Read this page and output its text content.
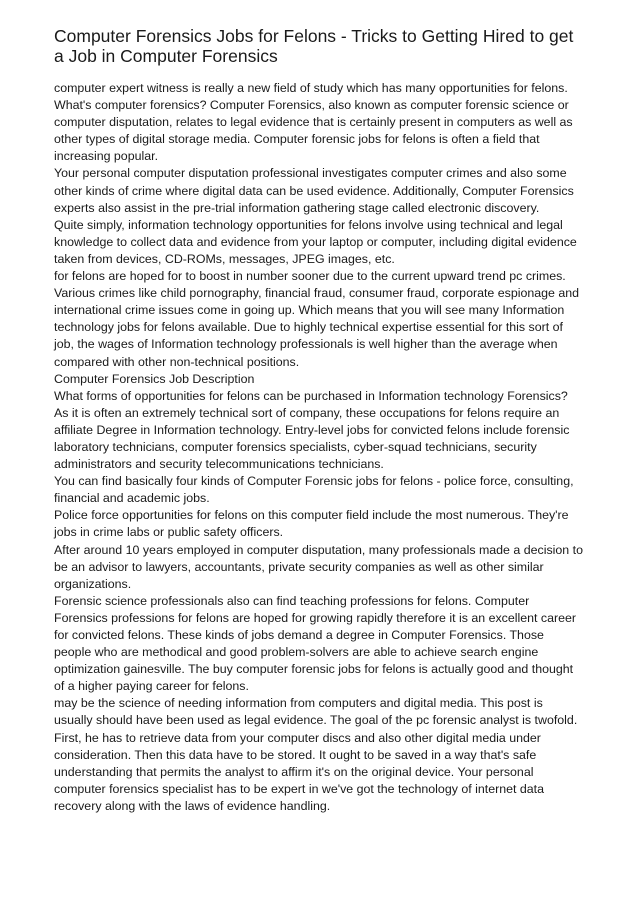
Computer Forensics Jobs for Felons - Tricks to Getting Hired to get a Job in Computer Forensics

computer expert witness is really a new field of study which has many opportunities for felons. What's computer forensics? Computer Forensics, also known as computer forensic science or computer disputation, relates to legal evidence that is certainly present in computers as well as other types of digital storage media. Computer forensic jobs for felons is often a field that increasing popular.

Your personal computer disputation professional investigates computer crimes and also some other kinds of crime where digital data can be used evidence. Additionally, Computer Forensics experts also assist in the pre-trial information gathering stage called electronic discovery.

Quite simply, information technology opportunities for felons involve using technical and legal knowledge to collect data and evidence from your laptop or computer, including digital evidence taken from devices, CD-ROMs, messages, JPEG images, etc.

for felons are hoped for to boost in number sooner due to the current upward trend pc crimes. Various crimes like child pornography, financial fraud, consumer fraud, corporate espionage and international crime issues come in going up. Which means that you will see many Information technology jobs for felons available. Due to highly technical expertise essential for this sort of job, the wages of Information technology professionals is well higher than the average when compared with other non-technical positions.

Computer Forensics Job Description

What forms of opportunities for felons can be purchased in Information technology Forensics?

As it is often an extremely technical sort of company, these occupations for felons require an affiliate Degree in Information technology. Entry-level jobs for convicted felons include forensic laboratory technicians, computer forensics specialists, cyber-squad technicians, security administrators and security telecommunications technicians.

You can find basically four kinds of Computer Forensic jobs for felons - police force, consulting, financial and academic jobs.

Police force opportunities for felons on this computer field include the most numerous. They're jobs in crime labs or public safety officers.

After around 10 years employed in computer disputation, many professionals made a decision to be an advisor to lawyers, accountants, private security companies as well as other similar organizations.

Forensic science professionals also can find teaching professions for felons. Computer Forensics professions for felons are hoped for growing rapidly therefore it is an excellent career for convicted felons. These kinds of jobs demand a degree in Computer Forensics. Those people who are methodical and good problem-solvers are able to achieve search engine optimization gainesville. The buy computer forensic jobs for felons is actually good and thought of a higher paying career for felons.

may be the science of needing information from computers and digital media. This post is usually should have been used as legal evidence. The goal of the pc forensic analyst is twofold. First, he has to retrieve data from your computer discs and also other digital media under consideration. Then this data have to be stored. It ought to be saved in a way that's safe understanding that permits the analyst to affirm it's on the original device. Your personal computer forensics specialist has to be expert in we've got the technology of internet data recovery along with the laws of evidence handling.
